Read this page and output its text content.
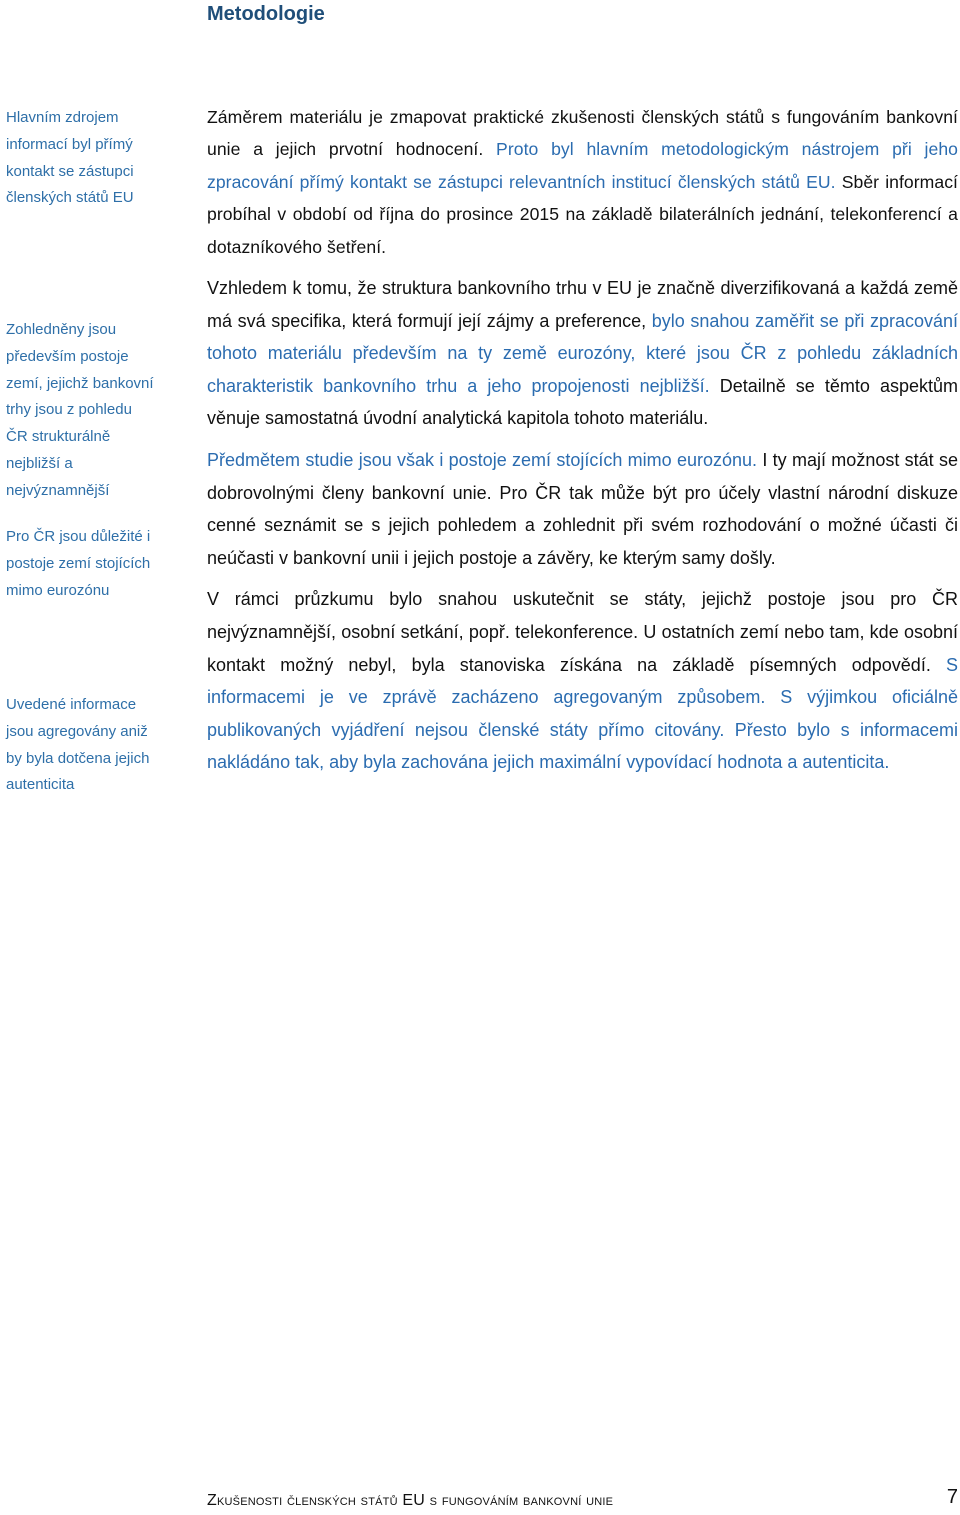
Metodologie
Hlavním zdrojem
informací byl přímý
kontakt se zástupci
členských států EU
Zohledněny jsou
především postoje
zemí, jejichž bankovní
trhy jsou z pohledu
ČR strukturálně
nejbližší a
nejvýznamnější
Pro ČR jsou důležité i
postoje zemí stojících
mimo eurozónu
Uvedené informace
jsou agregovány aniž
by byla dotčena jejich
autenticita

Záměrem materiálu je zmapovat praktické zkušenosti členských států s fungováním bankovní unie a jejich prvotní hodnocení. Proto byl hlavním metodologickým nástrojem při jeho zpracování přímý kontakt se zástupci relevantních institucí členských států EU. Sběr informací probíhal v období od října do prosince 2015 na základě bilaterálních jednání, telekonferencí a dotazníkového šetření.

Vzhledem k tomu, že struktura bankovního trhu v EU je značně diverzifikovaná a každá země má svá specifika, která formují její zájmy a preference, bylo snahou zaměřit se při zpracování tohoto materiálu především na ty země eurozóny, které jsou ČR z pohledu základních charakteristik bankovního trhu a jeho propojenosti nejbližší. Detailně se těmto aspektům věnuje samostatná úvodní analytická kapitola tohoto materiálu.

Předmětem studie jsou však i postoje zemí stojících mimo eurozónu. I ty mají možnost stát se dobrovolnými členy bankovní unie. Pro ČR tak může být pro účely vlastní národní diskuze cenné seznámit se s jejich pohledem a zohlednit při svém rozhodování o možné účasti či neúčasti v bankovní unii i jejich postoje a závěry, ke kterým samy došly.

V rámci průzkumu bylo snahou uskutečnit se státy, jejichž postoje jsou pro ČR nejvýznamnější, osobní setkání, popř. telekonference. U ostatních zemí nebo tam, kde osobní kontakt možný nebyl, byla stanoviska získána na základě písemných odpovědí. S informacemi je ve zprávě zacházeno agregovaným způsobem. S výjimkou oficiálně publikovaných vyjádření nejsou členské státy přímo citovány. Přesto bylo s informacemi nakládáno tak, aby byla zachována jejich maximální vypovídací hodnota a autenticita.

Zkušenosti členských států EU s fungováním bankovní unie	7
